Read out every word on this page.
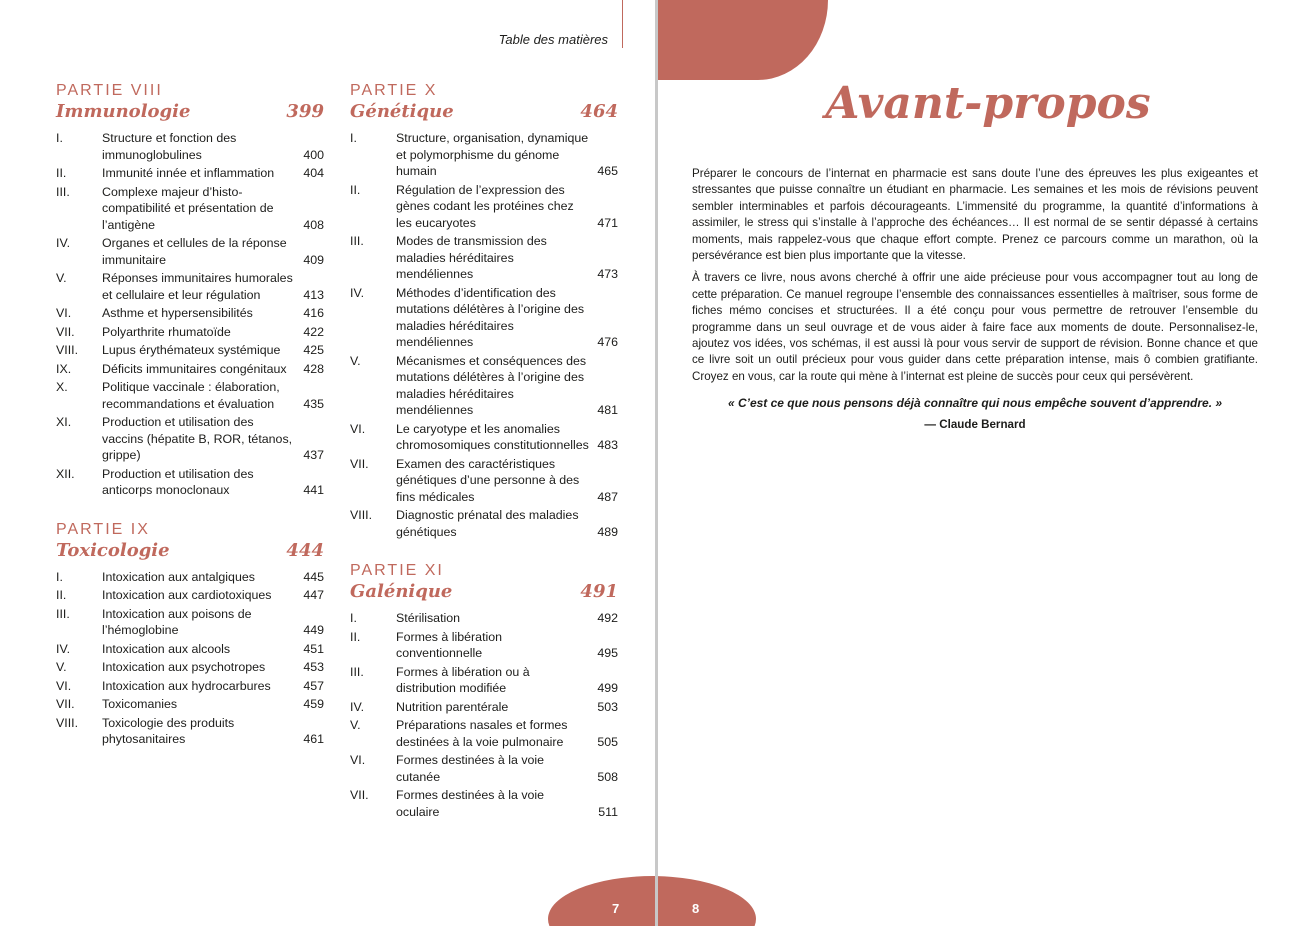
Table des matières
PARTIE VIII
Immunologie	399
I.	Structure et fonction des immunoglobulines	400
II.	Immunité innée et inflammation	404
III.	Complexe majeur d’histo-compatibilité et présentation de l’antigène	408
IV.	Organes et cellules de la réponse immunitaire	409
V.	Réponses immunitaires humorales et cellulaire et leur régulation	413
VI.	Asthme et hypersensibilités	416
VII.	Polyarthrite rhumatoïde	422
VIII.	Lupus érythémateux systémique	425
IX.	Déficits immunitaires congénitaux	428
X.	Politique vaccinale : élaboration, recommandations et évaluation	435
XI.	Production et utilisation des vaccins (hépatite B, ROR, tétanos, grippe)	437
XII.	Production et utilisation des anticorps monoclonaux	441
PARTIE IX
Toxicologie	444
I.	Intoxication aux antalgiques	445
II.	Intoxication aux cardiotoxiques	447
III.	Intoxication aux poisons de l’hémoglobine	449
IV.	Intoxication aux alcools	451
V.	Intoxication aux psychotropes	453
VI.	Intoxication aux hydrocarbures	457
VII.	Toxicomanies	459
VIII.	Toxicologie des produits phytosanitaires	461
PARTIE X
Génétique	464
I.	Structure, organisation, dynamique et polymorphisme du génome humain	465
II.	Régulation de l’expression des gènes codant les protéines chez les eucaryotes	471
III.	Modes de transmission des maladies héréditaires mendéliennes	473
IV.	Méthodes d’identification des mutations délétères à l’origine des maladies héréditaires mendéliennes	476
V.	Mécanismes et conséquences des mutations délétères à l’origine des maladies héréditaires mendéliennes	481
VI.	Le caryotype et les anomalies chromosomiques constitutionnelles 483
VII.	Examen des caractéristiques génétiques d’une personne à des fins médicales	487
VIII.	Diagnostic prénatal des maladies génétiques	489
PARTIE XI
Galénique	491
I.	Stérilisation	492
II.	Formes à libération conventionnelle	495
III.	Formes à libération ou à distribution modifiée	499
IV.	Nutrition parentérale	503
V.	Préparations nasales et formes destinées à la voie pulmonaire	505
VI.	Formes destinées à la voie cutanée	508
VII.	Formes destinées à la voie oculaire	511
7
Avant-propos

Préparer le concours de l’internat en pharmacie est sans doute l’une des épreuves les plus exigeantes et stressantes que puisse connaître un étudiant en pharmacie. Les semaines et les mois de révisions peuvent sembler interminables et parfois décourageants. L’immensité du programme, la quantité d’informations à assimiler, le stress qui s’installe à l’approche des échéances… Il est normal de se sentir dépassé à certains moments, mais rappelez-vous que chaque effort compte. Prenez ce parcours comme un marathon, où la persévérance est bien plus importante que la vitesse.

À travers ce livre, nous avons cherché à offrir une aide précieuse pour vous accompagner tout au long de cette préparation. Ce manuel regroupe l’ensemble des connaissances essentielles à maîtriser, sous forme de fiches mémo concises et structurées. Il a été conçu pour vous permettre de retrouver l’ensemble du programme dans un seul ouvrage et de vous aider à faire face aux moments de doute. Personnalisez-le, ajoutez vos idées, vos schémas, il est aussi là pour vous servir de support de révision. Bonne chance et que ce livre soit un outil précieux pour vous guider dans cette préparation intense, mais ô combien gratifiante. Croyez en vous, car la route qui mène à l’internat est pleine de succès pour ceux qui persévèrent.

« C’est ce que nous pensons déjà connaître qui nous empêche souvent d’apprendre. »
— Claude Bernard
8
